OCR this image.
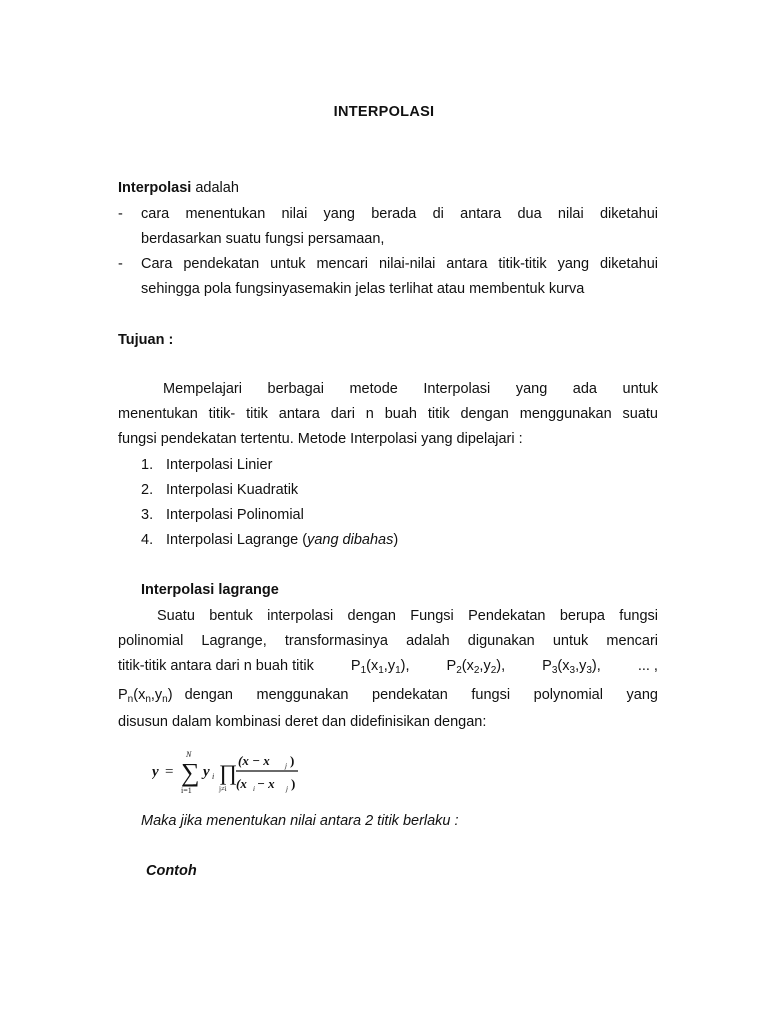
INTERPOLASI
Interpolasi adalah
-	cara menentukan nilai yang berada di antara dua nilai diketahui
berdasarkan suatu fungsi persamaan,
-	Cara pendekatan untuk mencari nilai-nilai antara titik-titik yang diketahui
sehingga pola fungsinyasemakin jelas terlihat atau membentuk kurva
Tujuan :
Mempelajari berbagai metode Interpolasi yang ada untuk
menentukan titik- titik antara dari n buah titik dengan menggunakan suatu
fungsi pendekatan tertentu. Metode Interpolasi yang dipelajari :
1. Interpolasi Linier
2. Interpolasi Kuadratik
3. Interpolasi Polinomial
4. Interpolasi Lagrange (yang dibahas)
Interpolasi lagrange
Suatu bentuk interpolasi dengan Fungsi Pendekatan berupa fungsi
polinomial Lagrange, transformasinya adalah digunakan untuk mencari
titik-titik antara dari n buah titik	$P_1(x_1,y_1)$,	$P_2(x_2,y_2)$,	$P_3(x_3,y_3)$,	... ,
$P_n(x_n,y_n)$ dengan menggunakan pendekatan fungsi polynomial yang
disusun dalam kombinasi deret dan didefinisikan dengan:
y = ∑
N
i=1
y i ∏
j≠i
(x − x j )
(x i − x j )
Maka jika menentukan nilai antara 2 titik berlaku :
Contoh
